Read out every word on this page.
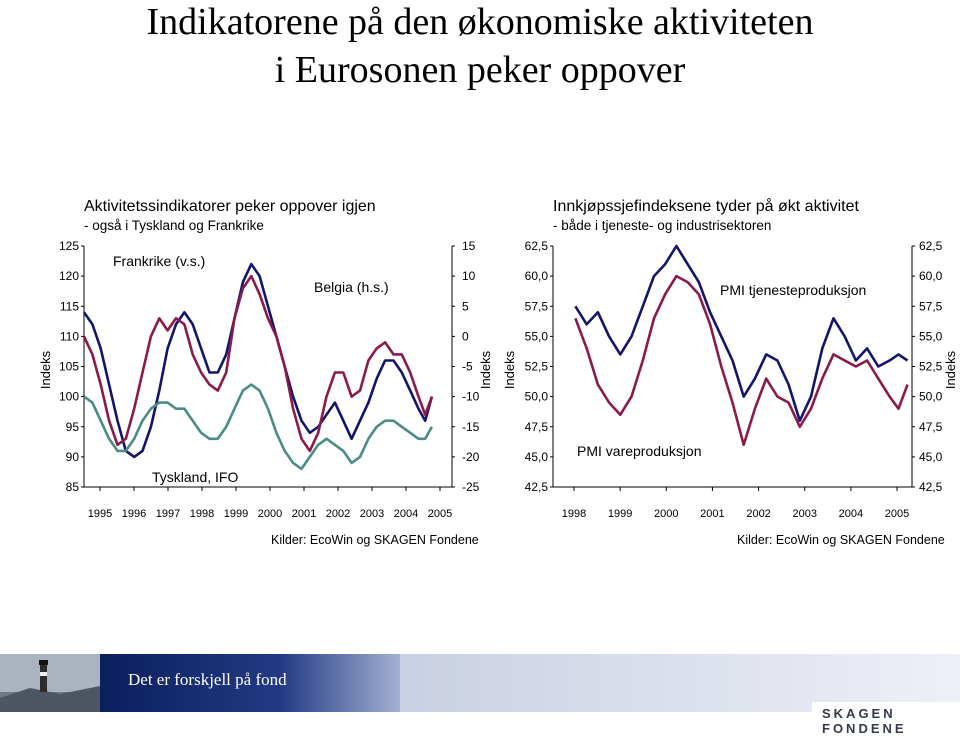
Indikatorene på den økonomiske aktiviteten
i Eurosonen peker oppover
Aktivitetssindikatorer peker oppover igjen
- også i Tyskland og Frankrike
Innkjøpssjefindeksene tyder på økt aktivitet
- både i tjeneste- og industrisektoren
125
120
115
110
105
100
95
90
85
15
10
5
0
-5
-10
-15
-20
-25
1995 1996 1997 1998 1999 2000 2001 2002 2003 2004 2005
Frankrike (v.s.)
Belgia (h.s.)
Tyskland, IFO
Indeks	Indeks
62,5
60,0
57,5
55,0
52,5
50,0
47,5
45,0
42,5
62,5
60,0
57,5
55,0
52,5
50,0
47,5
45,0
42,5
1998 1999 2000 2001 2002 2003 2004 2005
PMI tjenesteproduksjon
PMI vareproduksjon
Indeks	Indeks
Kilder: EcoWin og SKAGEN Fondene	Kilder: EcoWin og SKAGEN Fondene
Det er forskjell på fond
SKAGEN FONDENE
